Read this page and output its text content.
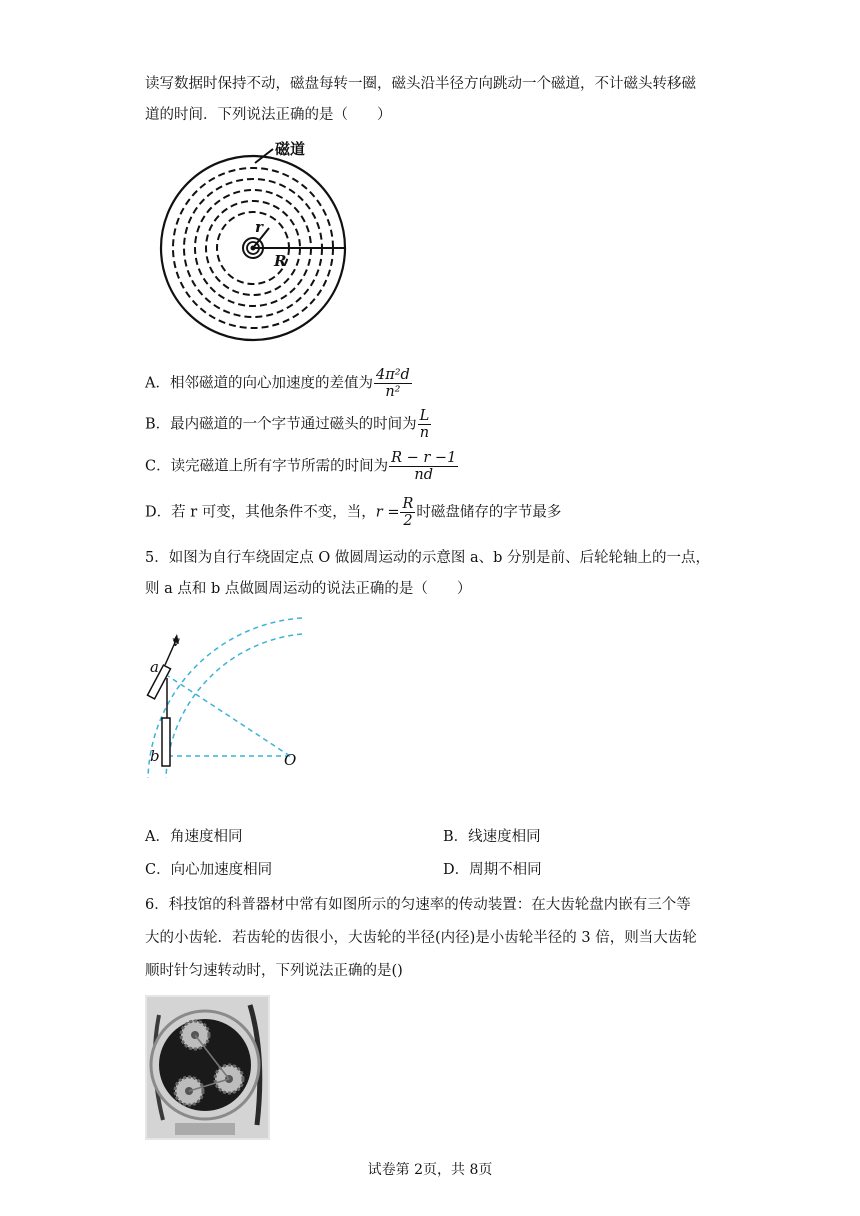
读写数据时保持不动，磁盘每转一圈，磁头沿半径方向跳动一个磁道，不计磁头转移磁
道的时间．下列说法正确的是（　　）
磁道
r
R
A．相邻磁道的向心加速度的差值为 $\frac{\text{4π²d}}{\text{n²}}$
B．最内磁道的一个字节通过磁头的时间为 $\frac{L}{n}$
C．读完磁道上所有字节所需的时间为 $\frac{R - r -1}{nd}$
D．若 r 可变，其他条件不变，当，$r = \frac{R}{2}$ 时磁盘储存的字节最多
5．如图为自行车绕固定点 O 做圆周运动的示意图 a、b 分别是前、后轮轮轴上的一点，
则 a 点和 b 点做圆周运动的说法正确的是（　　）
v
a
b	O
A．角速度相同	B．线速度相同
C．向心加速度相同	D．周期不相同
6．科技馆的科普器材中常有如图所示的匀速率的传动装置：在大齿轮盘内嵌有三个等
大的小齿轮．若齿轮的齿很小，大齿轮的半径(内径)是小齿轮半径的 3 倍，则当大齿轮
顺时针匀速转动时，下列说法正确的是()
试卷第 2页，共 8页
